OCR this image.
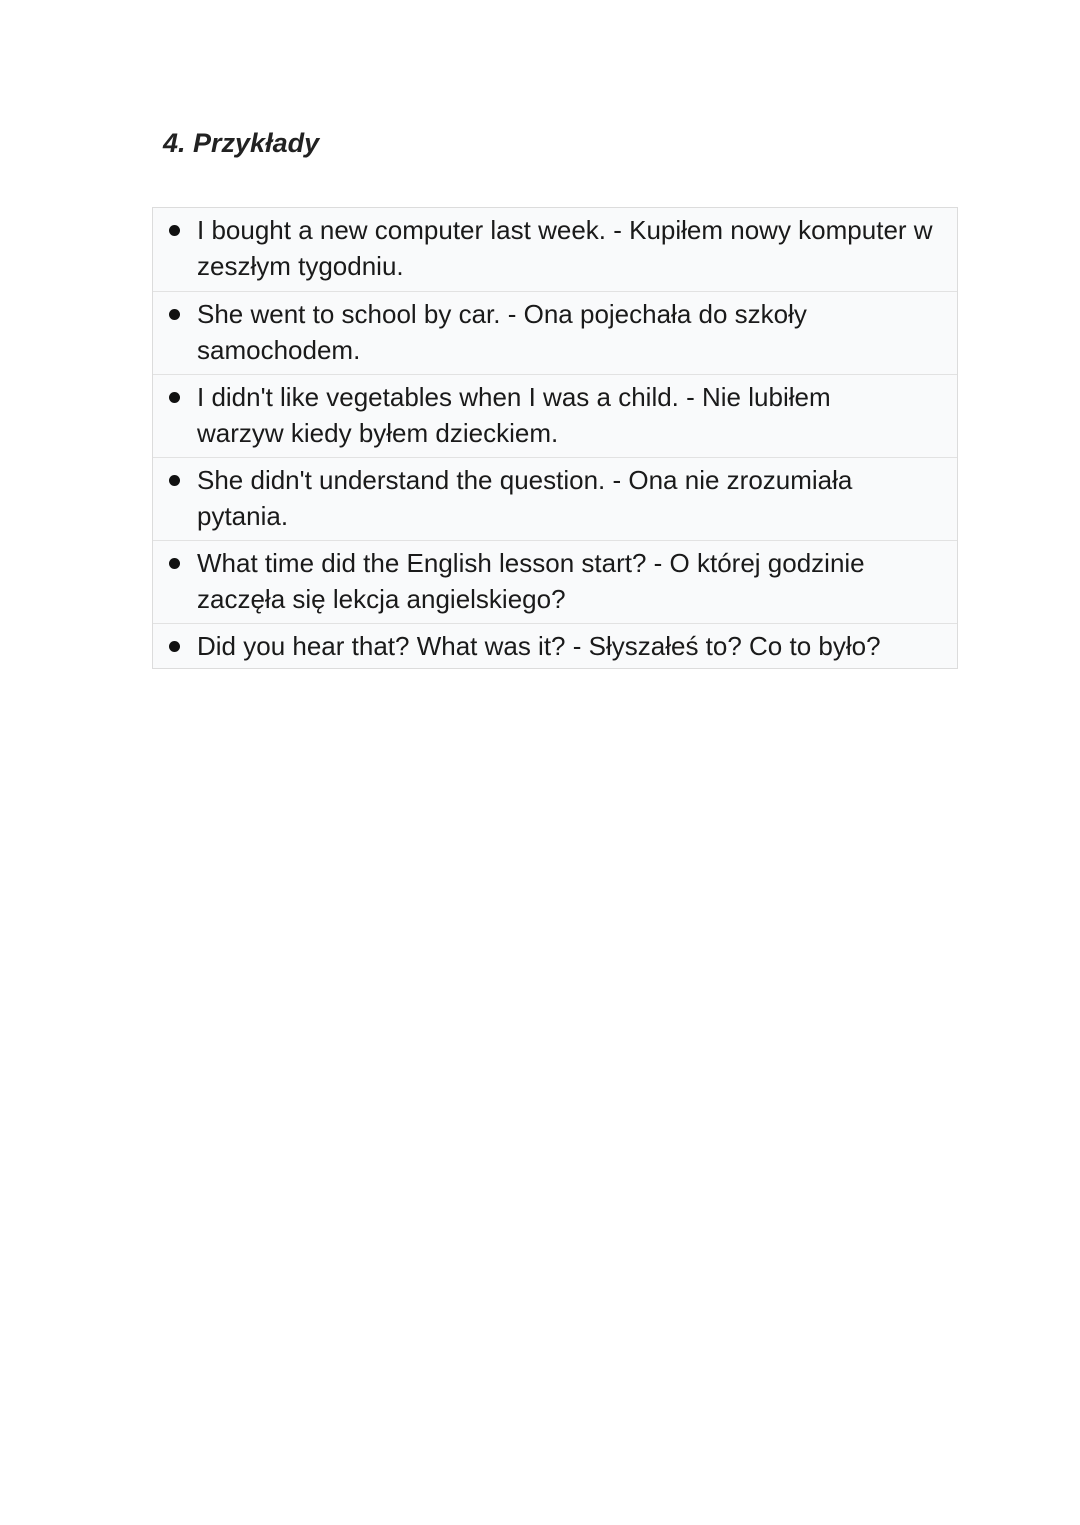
4. Przykłady
I bought a new computer last week. - Kupiłem nowy komputer w zeszłym tygodniu.
She went to school by car. - Ona pojechała do szkoły samochodem.
I didn't like vegetables when I was a child. - Nie lubiłem warzyw kiedy byłem dzieckiem.
She didn't understand the question. - Ona nie zrozumiała pytania.
What time did the English lesson start? - O której godzinie zaczęła się lekcja angielskiego?
Did you hear that? What was it? - Słyszałeś to? Co to było?
